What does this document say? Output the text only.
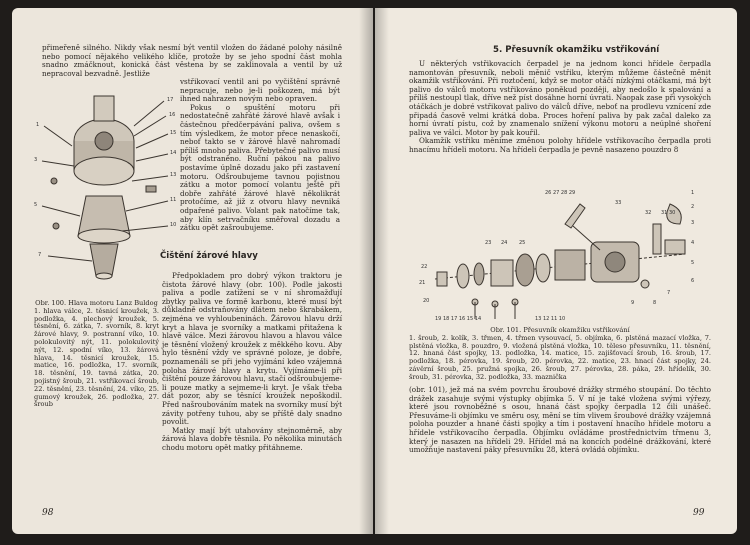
přimeřeně silného. Nikdy však nesmí být ventil vložen do žádané polohy násilně nebo pomocí nějakého velikého klíče, protože by se jeho spodní část mohla snadno zmáčknout, konická část věstena by se zaklinovala a ventil by už nepracoval bezvadně. Jestliže

17
16
15
14
13
11
10
1
3
5
7

vstřikovací ventil ani po vyčištění správně nepracuje, nebo je-li poškozen, má být ihned nahrazen novým nebo opraven.

Pokus o spuštění motoru při nedostatečně zahřáté žárové hlavě avšak i částečnou předčerpávání paliva, ovšem s tím výsledkem, že motor přece nenaskočí, nebof takto se v žárové hlavě nahromadí příliš mnoho paliva. Přebytečné palivo musí být odstraněno. Ruční pákou na palivo postavíme úplně dozadu jako při zastavení motoru. Odšroubujeme tavnou pojistnou zátku a motor pomocí volantu ještě při dobře zahřáté žárové hlavě několikrát protočíme, až již z otvoru hlavy nevniká odpařené palivo. Volant pak natočíme tak, aby klín setrvačníku směřoval dozadu a zátku opět zašroubujeme.

Čištění žárové hlavy
Obr. 100. Hlava motoru Lanz Buldog

1. hlava válce, 2. těsnicí kroužek, 3. podložka, 4. plechový kroužek, 5. těsnění, 6. zátka, 7. svorník, 8. kryt žárové hlavy, 9. postranní víko, 10. polokulovitý nýt, 11. polokulovitý nýt, 12. spodní víko, 13. žárová hlava, 14. těsnicí kroužek, 15. matice, 16. podložka, 17. svorník, 18. těsnění, 19. tavná zátka, 20. pojistný šroub, 21. vstřikovací šroub, 22. těsnění, 23. těsnění, 24. víko, 25. gumový kroužek, 26. podložka, 27. šroub

Předpokladem pro dobrý výkon traktoru je čistota žárové hlavy (obr. 100). Podle jakosti paliva a podle zatížení se v ní shromažďují zbytky paliva ve formě karbonu, které musí být důkladně odstraňovány dlátem nebo škrabákem, zejména ve vyhloubeninách. Žárovou hlavu drží kryt a hlava je svorníky a matkami přitažena k hlavě válce. Mezi žárovou hlavou a hlavou válce je těsnění vložený kroužek z měkkého kovu. Aby hylo těsnění vždy ve správné poloze, je dobře, poznamenáli se při jeho vyjímání kdeo vzájemná poloha žárové hlavy a krytu. Vyjímáme-li při čištění pouze žárovou hlavu, stačí odšroubujeme-li pouze matky a sejmeme-li kryt. Je však třeba dát pozor, aby se těsnící kroužek nepoškodil. Před našroubováním matek na svorníky musí být závity potřeny tuhou, aby se příště daly snadno povolit.

Matky mají být utahovány stejnoměrně, aby žárová hlava dobře těsnila. Po několika minutách chodu motoru opět matky přitáhneme.

98
5. Přesuvník okamžiku vstřikování

U některých vstřikovacích čerpadel je na jednom konci hřídele čerpadla namontován přesuvník, neboli měnič vstřiku, kterým můžeme částečně měnit okamžik vstřikování. Při roztočení, když se motor otáčí nízkými otáčkami, má být palivo do válců motoru vstřikováno poněkud později, aby nedošlo k spalování a příliš nestoupl tlak, dříve než píst dosáhne horní úvrati. Naopak zase při vysokých otáčkách je dobré vstřikovat palivo do válců dříve, neboť na prodlevu vznícení zde připadá časově velmi krátká doba. Proces hoření paliva by pak začal daleko za horní úvratí pístu, což by znamenalo snížení výkonu motoru a neúplné shoření paliva ve válci. Motor by pak kouřil.

Okamžik vstřiku měníme změnou polohy hřídele vstřikovacího čerpadla proti hnacímu hřídeli motoru. Na hřídeli čerpadla je pevně nasazeno pouzdro 8

26 27 28 29	1
2
3
4
5
6
7
8
9
22
21
20
25
24
23
19 18 17 16 15 14	13 12 11 10
33
32 31 30
Obr. 101. Přesuvník okamžiku vstřikování

1. šroub, 2. kolík, 3. třmen, 4. třmen vysouvací, 5. objímka, 6. plstěná mazací vložka, 7. plstěná vložka, 8. pouzdro, 9. vložená plstěná vložka, 10. těleso přesuvníku, 11. těsnění, 12. hnaná část spojky, 13. podložka, 14. matice, 15. zajišťovací šroub, 16. šroub, 17. podložka, 18. pérovka, 19. šroub, 20. pérovka, 22. matice, 23. hnací část spojky, 24. závěrní šroub, 25. pružná spojka, 26. šroub, 27. pérovka, 28. páka, 29. hřídelík, 30. šroub, 31. pérovka, 32. podložka, 33. maznička

(obr. 101), jež má na svém povrchu šroubové drážky strmého stoupání. Do těchto drážek zasahuje svými výstupky objímka 5. V ní je také vložena svými výřezy, které jsou rovnoběžné s osou, hnaná část spojky čerpadla 12 čili unášeč. Přesuváme-li objímku ve směru osy, mění se tím vlivem šroubové drážky vzájemná poloha pouzder a hnané části spojky a tím i postavení hnacího hřídele motoru a hřídele vstřikovacího čerpadla. Objímku ovládáme prostřednictvím třmenu 3, který je nasazen na hřídeli 29. Hřídel má na koncích podélné drážkování, které umožňuje nastavení páky přesuvníku 28, která ovládá objímku.

99
